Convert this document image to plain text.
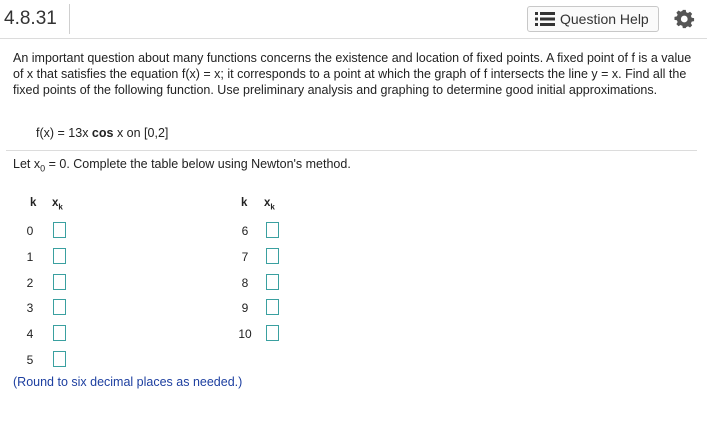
4.8.31	Question Help
An important question about many functions concerns the existence and location of fixed points. A fixed point of f is a value of x that satisfies the equation f(x) = x; it corresponds to a point at which the graph of f intersects the line y = x. Find all the fixed points of the following function. Use preliminary analysis and graphing to determine good initial approximations.
f(x) = 13x cos x on [0,2]
Let $x_0 = 0$. Complete the table below using Newton's method.
k $x_k$	k $x_k$
0
1
2
3
4
5
6
7
8
9
10
(Round to six decimal places as needed.)
